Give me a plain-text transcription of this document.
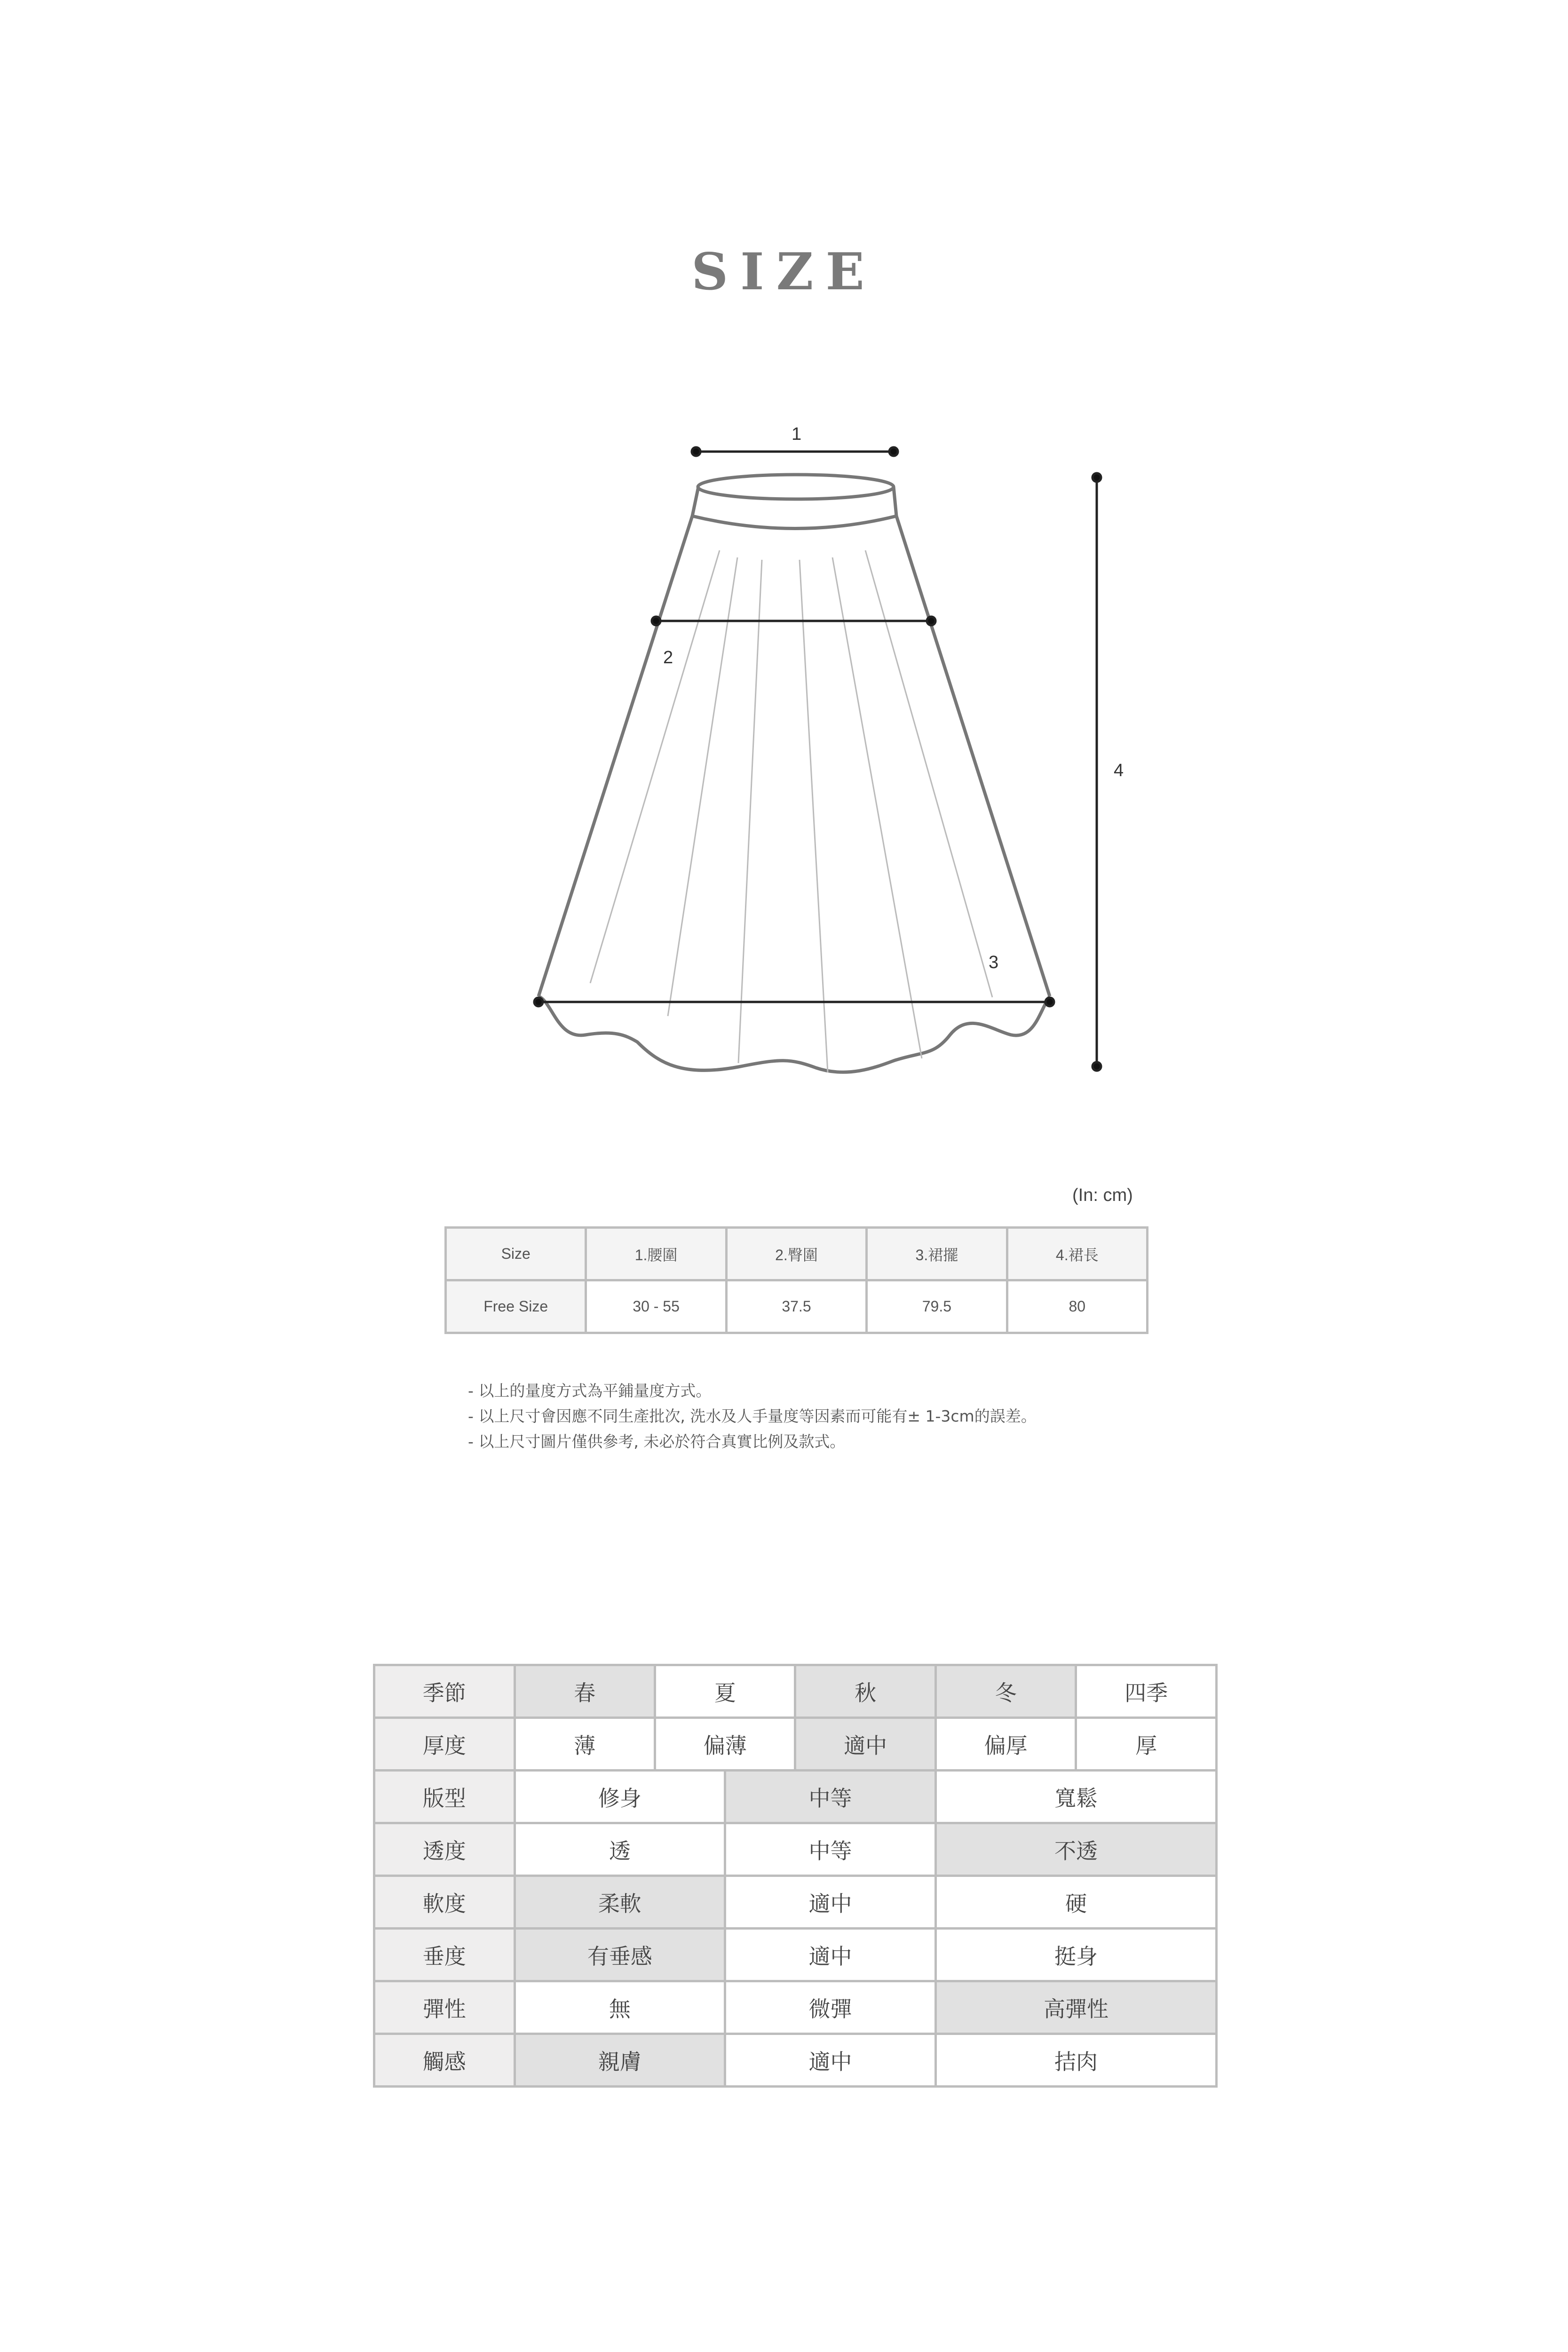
SIZE
1
2
3
4
(In: cm)
Size	1.腰圍	2.臀圍	3.裙擺	4.裙長
Free Size	30 - 55	37.5	79.5	80
- 以上的量度方式為平鋪量度方式。
- 以上尺寸會因應不同生產批次, 洗水及人手量度等因素而可能有± 1-3cm的誤差。
- 以上尺寸圖片僅供參考, 未必於符合真實比例及款式。
季節	春	夏		秋	冬	四季
厚度	薄	偏薄		適中	偏厚	厚
版型	修身		中等		寬鬆	
透度	透		中等		不透	
軟度	柔軟		適中		硬	
垂度	有垂感		適中		挺身	
彈性	無		微彈		高彈性	
觸感	親膚		適中		拮肉	
